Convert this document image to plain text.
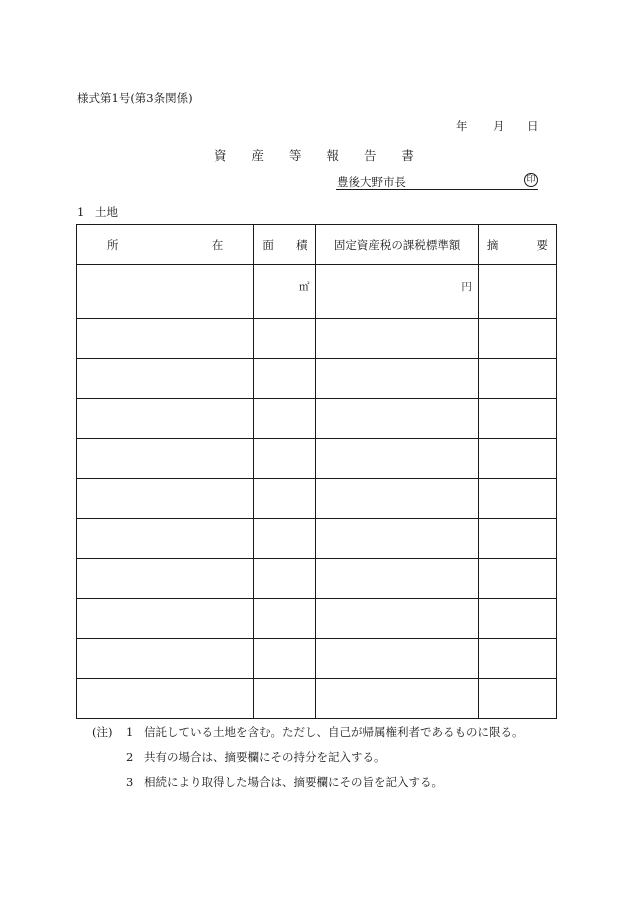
様式第1号(第3条関係)
年 月 日
資 産 等 報 告 書
豊後大野市長	印
1 土地
所 在	面 積	固定資産税の課税標準額	摘 要

	㎡	円	

(注)	1 信託している土地を含む。ただし、自己が帰属権利者であるものに限る。
2 共有の場合は、摘要欄にその持分を記入する。
3 相続により取得した場合は、摘要欄にその旨を記入する。
